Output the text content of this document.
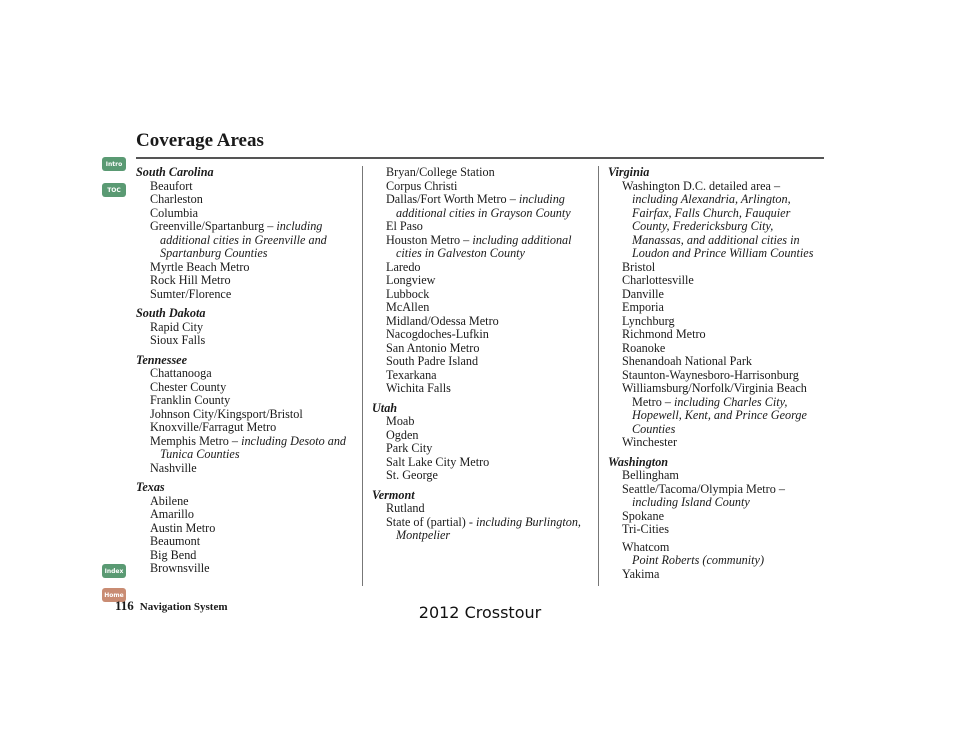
Coverage Areas
Intro
TOC
Index
Home
South Carolina
Beaufort
Charleston
Columbia
Greenville/Spartanburg – including additional cities in Greenville and Spartanburg Counties
Myrtle Beach Metro
Rock Hill Metro
Sumter/Florence
South Dakota
Rapid City
Sioux Falls
Tennessee
Chattanooga
Chester County
Franklin County
Johnson City/Kingsport/Bristol
Knoxville/Farragut Metro
Memphis Metro – including Desoto and Tunica Counties
Nashville
Texas
Abilene
Amarillo
Austin Metro
Beaumont
Big Bend
Brownsville
Bryan/College Station
Corpus Christi
Dallas/Fort Worth Metro – including additional cities in Grayson County
El Paso
Houston Metro – including additional cities in Galveston County
Laredo
Longview
Lubbock
McAllen
Midland/Odessa Metro
Nacogdoches-Lufkin
San Antonio Metro
South Padre Island
Texarkana
Wichita Falls
Utah
Moab
Ogden
Park City
Salt Lake City Metro
St. George
Vermont
Rutland
State of (partial) - including Burlington, Montpelier
Virginia
Washington D.C. detailed area – including Alexandria, Arlington, Fairfax, Falls Church, Fauquier County, Fredericksburg City, Manassas, and additional cities in Loudon and Prince William Counties
Bristol
Charlottesville
Danville
Emporia
Lynchburg
Richmond Metro
Roanoke
Shenandoah National Park
Staunton-Waynesboro-Harrisonburg
Williamsburg/Norfolk/Virginia Beach Metro – including Charles City, Hopewell, Kent, and Prince George Counties
Winchester
Washington
Bellingham
Seattle/Tacoma/Olympia Metro – including Island County
Spokane
Tri-Cities
Whatcom
Point Roberts (community)
Yakima
116 Navigation System	2012 Crosstour
